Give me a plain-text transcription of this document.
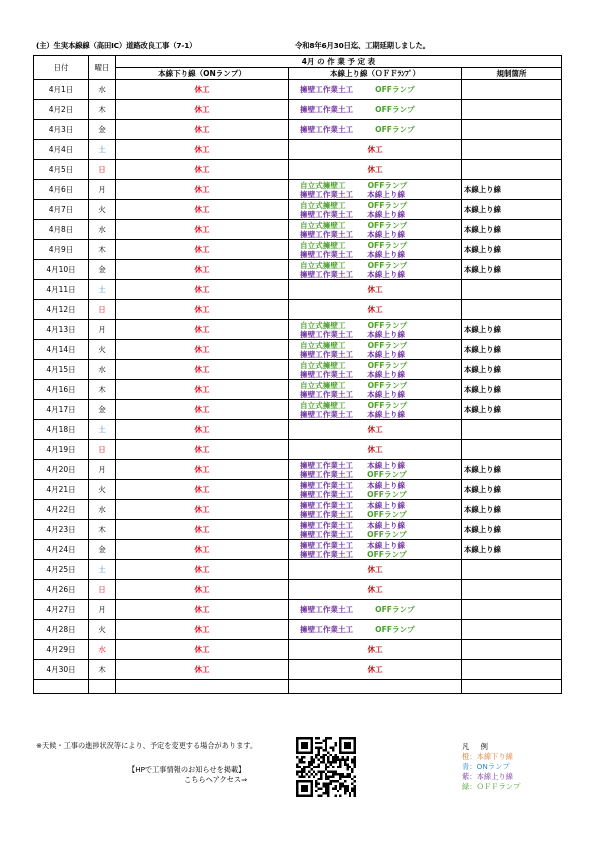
(主）生実本線線（高田IC）道路改良工事（7-1）	令和8年6月30日迄、工期延期しました。
日付	曜日	4月 の 作 業 予 定 表		
		本線下り線（ONランプ）	本線上り線（ＯＦＦﾗﾝﾌﾟ）	規制箇所
4月1日	水	休工	擁壁工作業土工 OFFランプ	

4月2日	木	休工	擁壁工作業土工 OFFランプ	

4月3日	金	休工	擁壁工作業土工 OFFランプ	

4月4日	土	休工	休工	
4月5日	日	休工	休工	
4月6日	月	休工	自立式擁壁工 OFFランプ
擁壁工作業土工 本線上り線	本線上り線
4月7日	火	休工	自立式擁壁工 OFFランプ
擁壁工作業土工 本線上り線	本線上り線
4月8日	水	休工	自立式擁壁工 OFFランプ
擁壁工作業土工 本線上り線	本線上り線
4月9日	木	休工	自立式擁壁工 OFFランプ
擁壁工作業土工 本線上り線	本線上り線
4月10日	金	休工	自立式擁壁工 OFFランプ
擁壁工作業土工 本線上り線	本線上り線
4月11日	土	休工	休工	
4月12日	日	休工	休工	
4月13日	月	休工	自立式擁壁工 OFFランプ
擁壁工作業土工 本線上り線	本線上り線
4月14日	火	休工	自立式擁壁工 OFFランプ
擁壁工作業土工 本線上り線	本線上り線
4月15日	水	休工	自立式擁壁工 OFFランプ
擁壁工作業土工 本線上り線	本線上り線
4月16日	木	休工	自立式擁壁工 OFFランプ
擁壁工作業土工 本線上り線	本線上り線
4月17日	金	休工	自立式擁壁工 OFFランプ
擁壁工作業土工 本線上り線	本線上り線
4月18日	土	休工	休工	
4月19日	日	休工	休工	
4月20日	月	休工	擁壁工作業土工 本線上り線
擁壁工作業土工 OFFランプ	本線上り線
4月21日	火	休工	擁壁工作業土工 本線上り線
擁壁工作業土工 OFFランプ	本線上り線
4月22日	水	休工	擁壁工作業土工 本線上り線
擁壁工作業土工 OFFランプ	本線上り線
4月23日	木	休工	擁壁工作業土工 本線上り線
擁壁工作業土工 OFFランプ	本線上り線
4月24日	金	休工	擁壁工作業土工 本線上り線
擁壁工作業土工 OFFランプ	本線上り線
4月25日	土	休工	休工	
4月26日	日	休工	休工	
4月27日	月	休工	擁壁工作業土工 OFFランプ	

4月28日	火	休工	擁壁工作業土工 OFFランプ	

4月29日	水	休工	休工	
4月30日	木	休工	休工	

※天候・工事の進捗状況等により、予定を変更する場合があります。
【HPで工事情報のお知らせを掲載】
こちらへアクセス⇒
凡　例
橙：本線下り線
青：ONランプ
紫：本線上り線
緑：ＯＦＦランプ
